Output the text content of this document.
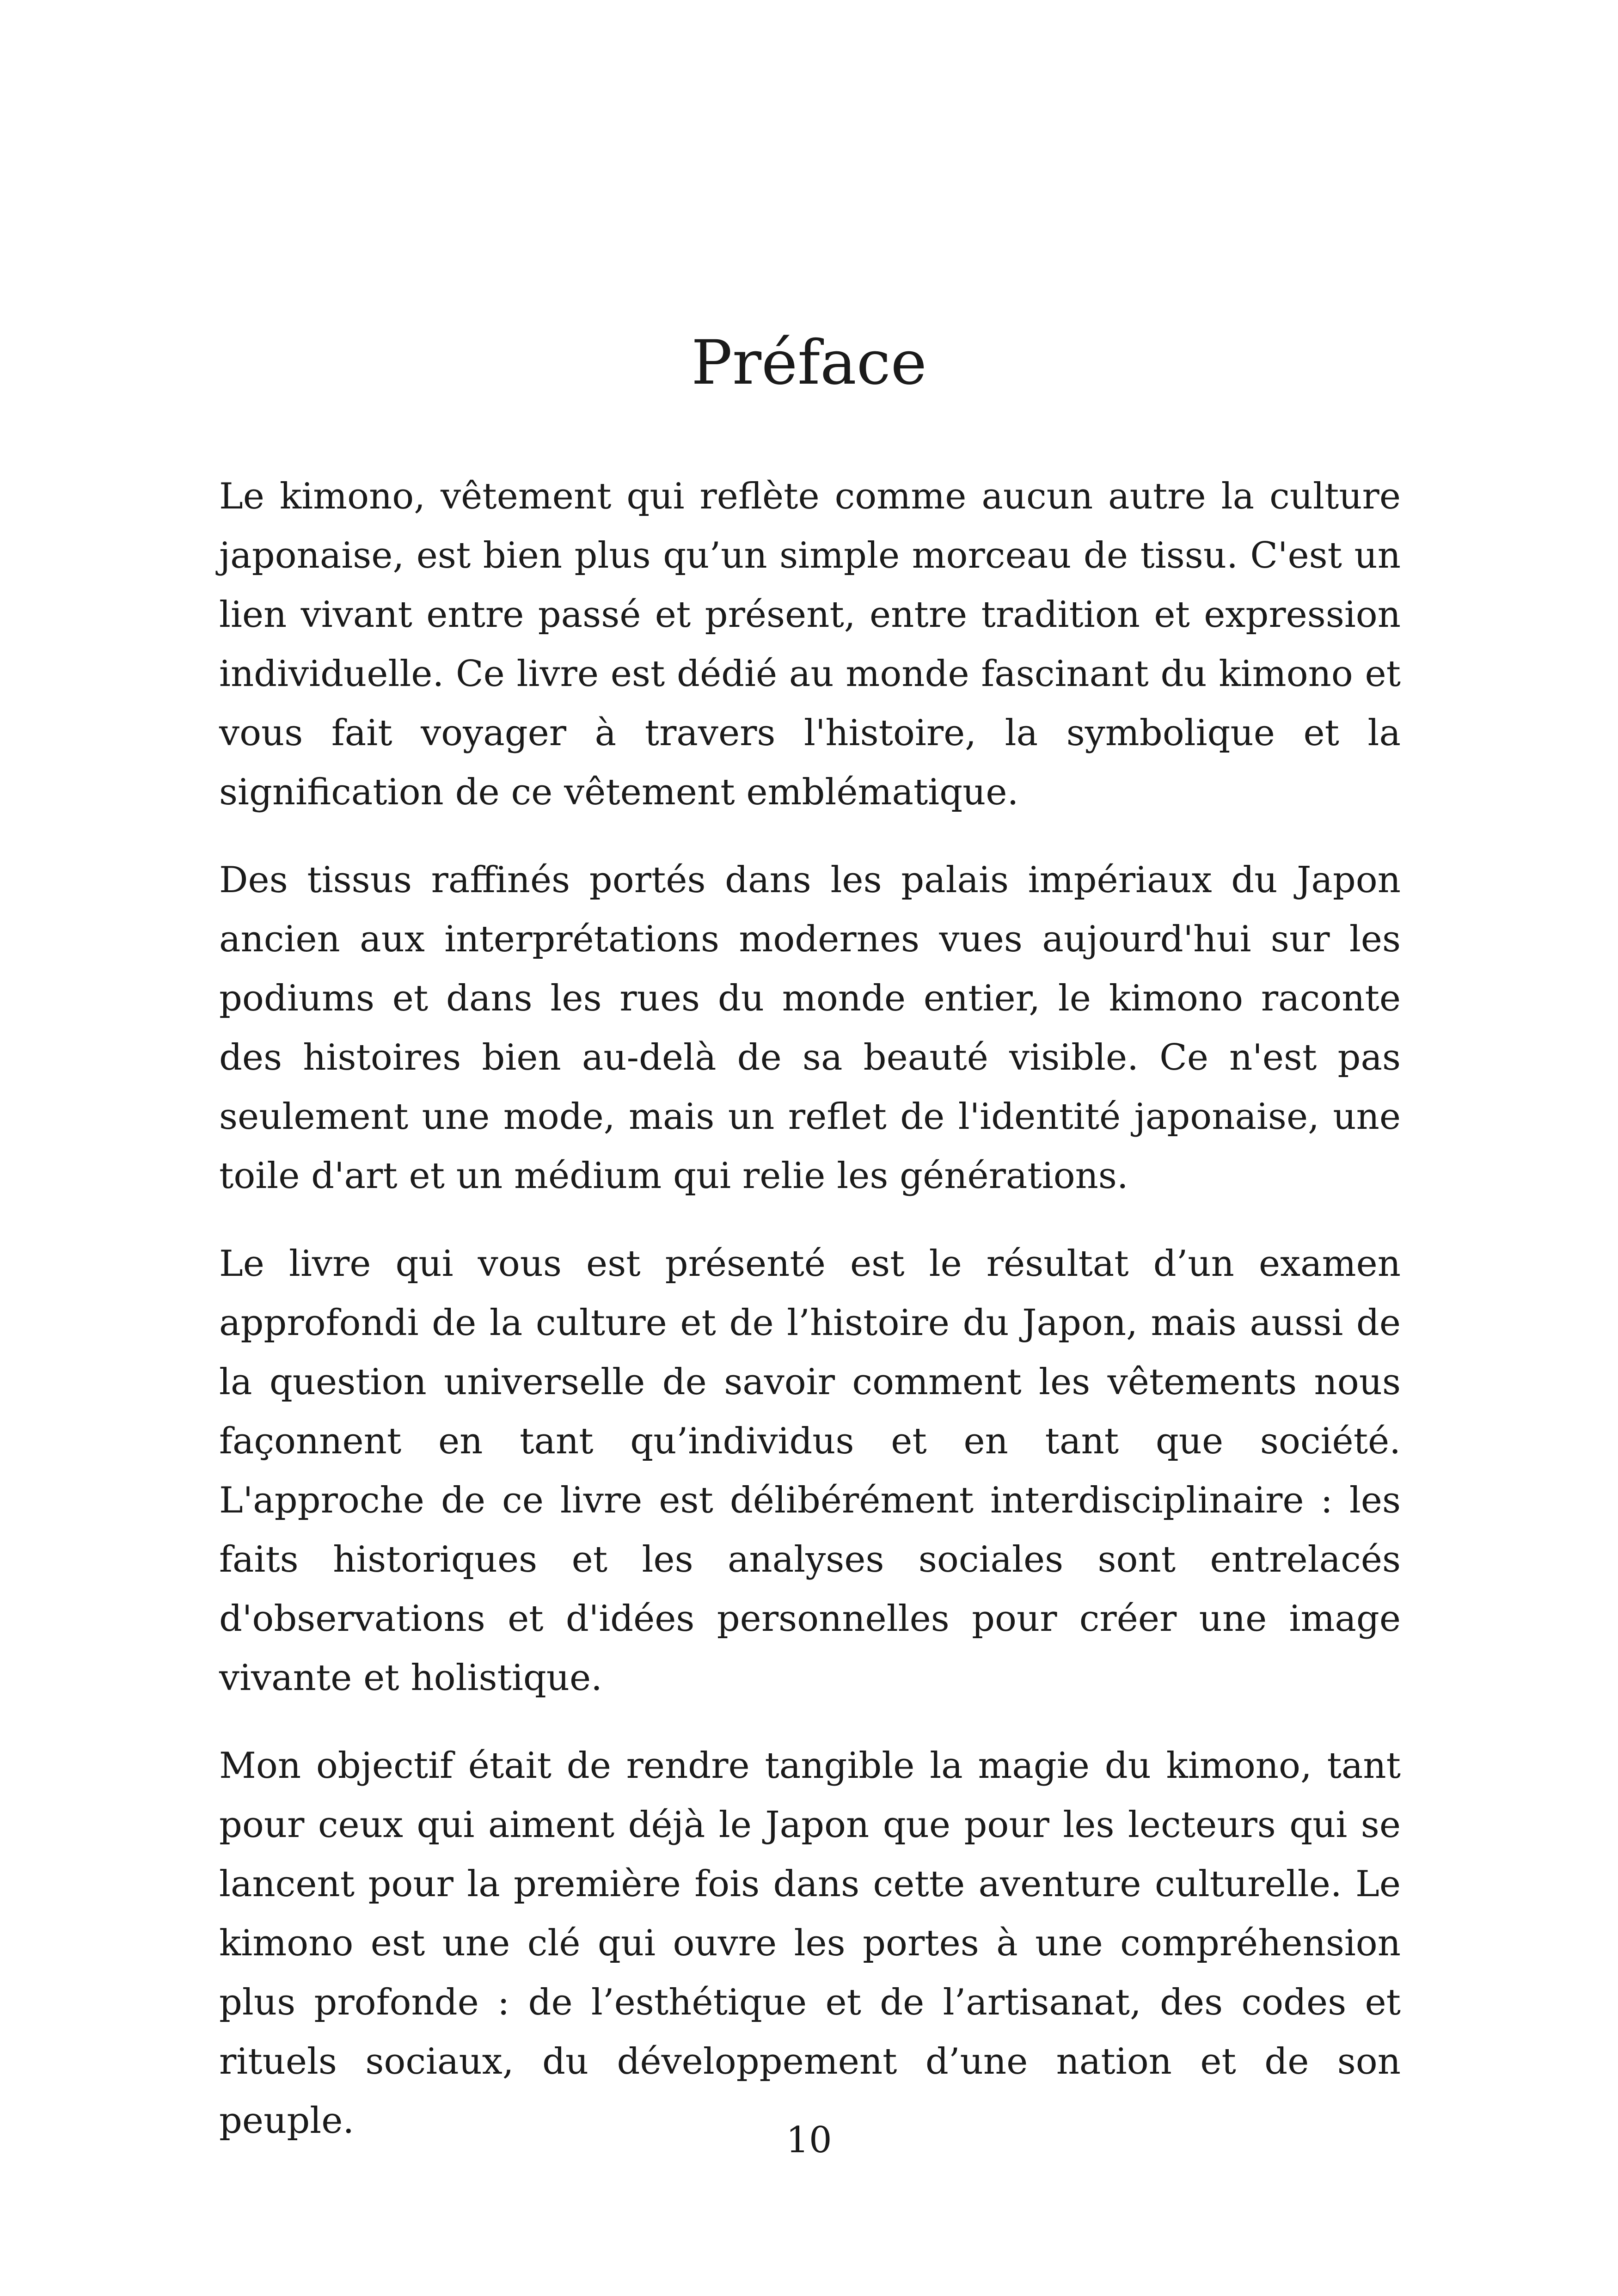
Préface

Le kimono, vêtement qui reflète comme aucun autre la culture japonaise, est bien plus qu’un simple morceau de tissu. C'est un lien vivant entre passé et présent, entre tradition et expression individuelle. Ce livre est dédié au monde fascinant du kimono et vous fait voyager à travers l'histoire, la symbolique et la signification de ce vêtement emblématique.

Des tissus raffinés portés dans les palais impériaux du Japon ancien aux interprétations modernes vues aujourd'hui sur les podiums et dans les rues du monde entier, le kimono raconte des histoires bien au-delà de sa beauté visible. Ce n'est pas seulement une mode, mais un reflet de l'identité japonaise, une toile d'art et un médium qui relie les générations.

Le livre qui vous est présenté est le résultat d’un examen approfondi de la culture et de l’histoire du Japon, mais aussi de la question universelle de savoir comment les vêtements nous façonnent en tant qu’individus et en tant que société. L'approche de ce livre est délibérément interdisciplinaire : les faits historiques et les analyses sociales sont entrelacés d'observations et d'idées personnelles pour créer une image vivante et holistique.

Mon objectif était de rendre tangible la magie du kimono, tant pour ceux qui aiment déjà le Japon que pour les lecteurs qui se lancent pour la première fois dans cette aventure culturelle. Le kimono est une clé qui ouvre les portes à une compréhension plus profonde : de l’esthétique et de l’artisanat, des codes et rituels sociaux, du développement d’une nation et de son peuple.	10
